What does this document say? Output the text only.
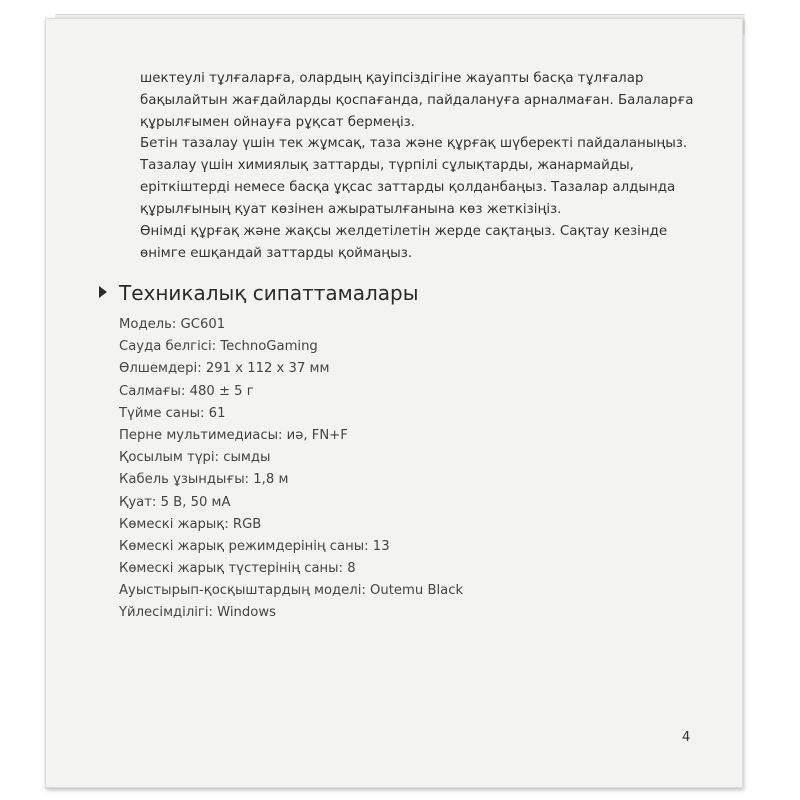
шектеулі тұлғаларға, олардың қауіпсіздігіне жауапты басқа тұлғалар
бақылайтын жағдайларды қоспағанда, пайдалануға арналмаған. Балаларға
құрылғымен ойнауға рұқсат бермеңіз.

Бетін тазалау үшін тек жұмсақ, таза және құрғақ шүберекті пайдаланыңыз.
Тазалау үшін химиялық заттарды, түрпілі сұлықтарды, жанармайды,
еріткіштерді немесе басқа ұқсас заттарды қолданбаңыз. Тазалар алдында
құрылғының қуат көзінен ажыратылғанына көз жеткізіңіз.

Өнімді құрғақ және жақсы желдетілетін жерде сақтаңыз. Сақтау кезінде
өнімге ешқандай заттарды қоймаңыз.

Техникалық сипаттамалары
Модель: GC601
Сауда белгісі: TechnoGaming
Өлшемдері: 291 x 112 x 37 мм
Салмағы: 480 ± 5 г
Түйме саны: 61
Перне мультимедиасы: иә, FN+F
Қосылым түрі: сымды
Кабель ұзындығы: 1,8 м
Қуат: 5 В, 50 мА
Көмескі жарық: RGB
Көмескі жарық режимдерінің саны: 13
Көмескі жарық түстерінің саны: 8
Ауыстырып-қосқыштардың моделі: Outemu Black
Үйлесімділігі: Windows
4
